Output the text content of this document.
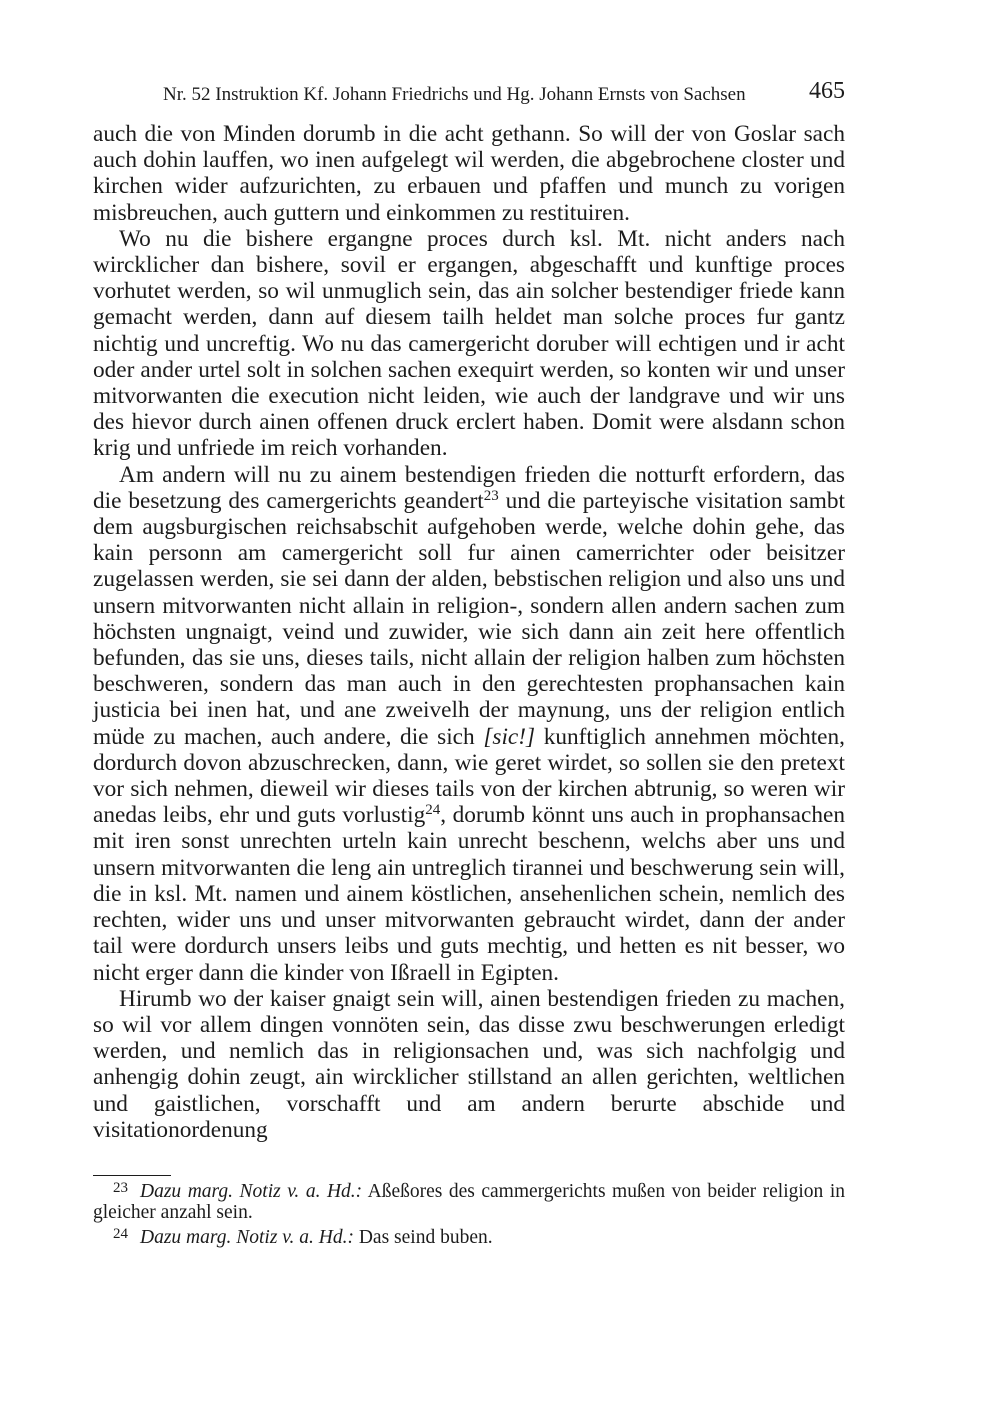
Nr. 52 Instruktion Kf. Johann Friedrichs und Hg. Johann Ernsts von Sachsen	465

auch die von Minden dorumb in die acht gethann. So will der von Goslar sach auch dohin lauffen, wo inen aufgelegt wil werden, die abgebrochene closter und kirchen wider aufzurichten, zu erbauen und pfaffen und munch zu vorigen misbreuchen, auch guttern und einkommen zu restituiren.

Wo nu die bishere ergangne proces durch ksl. Mt. nicht anders nach wircklicher dan bishere, sovil er ergangen, abgeschafft und kunftige proces vorhutet werden, so wil unmuglich sein, das ain solcher bestendiger friede kann gemacht werden, dann auf diesem tailh heldet man solche proces fur gantz nichtig und uncreftig. Wo nu das camergericht doruber will echtigen und ir acht oder ander urtel solt in solchen sachen exequirt werden, so konten wir und unser mitvorwanten die execution nicht leiden, wie auch der landgrave und wir uns des hievor durch ainen offenen druck erclert haben. Domit were alsdann schon krig und unfriede im reich vorhanden.

Am andern will nu zu ainem bestendigen frieden die notturft erfordern, das die besetzung des camergerichts geandert$^{23}$ und die parteyische visitation sambt dem augsburgischen reichsabschit aufgehoben werde, welche dohin gehe, das kain personn am camergericht soll fur ainen camerrichter oder beisitzer zugelassen werden, sie sei dann der alden, bebstischen religion und also uns und unsern mitvorwanten nicht allain in religion-, sondern allen andern sachen zum höchsten ungnaigt, veind und zuwider, wie sich dann ain zeit here offentlich befunden, das sie uns, dieses tails, nicht allain der religion halben zum höchsten beschweren, sondern das man auch in den gerechtesten prophansachen kain justicia bei inen hat, und ane zweivelh der maynung, uns der religion entlich müde zu machen, auch andere, die sich [sic!] kunftiglich annehmen möchten, dordurch dovon abzuschrecken, dann, wie geret wirdet, so sollen sie den pretext vor sich nehmen, dieweil wir dieses tails von der kirchen abtrunig, so weren wir anedas leibs, ehr und guts vorlustig$^{24}$, dorumb könnt uns auch in prophansachen mit iren sonst unrechten urteln kain unrecht beschenn, welchs aber uns und unsern mitvorwanten die leng ain untreglich tirannei und beschwerung sein will, die in ksl. Mt. namen und ainem köstlichen, ansehenlichen schein, nemlich des rechten, wider uns und unser mitvorwanten gebraucht wirdet, dann der ander tail were dordurch unsers leibs und guts mechtig, und hetten es nit besser, wo nicht erger dann die kinder von Ißraell in Egipten.

Hirumb wo der kaiser gnaigt sein will, ainen bestendigen frieden zu machen, so wil vor allem dingen vonnöten sein, das disse zwu beschwerungen erledigt werden, und nemlich das in religionsachen und, was sich nachfolgig und anhengig dohin zeugt, ain wircklicher stillstand an allen gerichten, weltlichen und gaistlichen, vorschafft und am andern berurte abschide und visitationordenung

23 Dazu marg. Notiz v. a. Hd.: Aßeßores des cammergerichts mußen von beider religion in gleicher anzahl sein.

24 Dazu marg. Notiz v. a. Hd.: Das seind buben.
